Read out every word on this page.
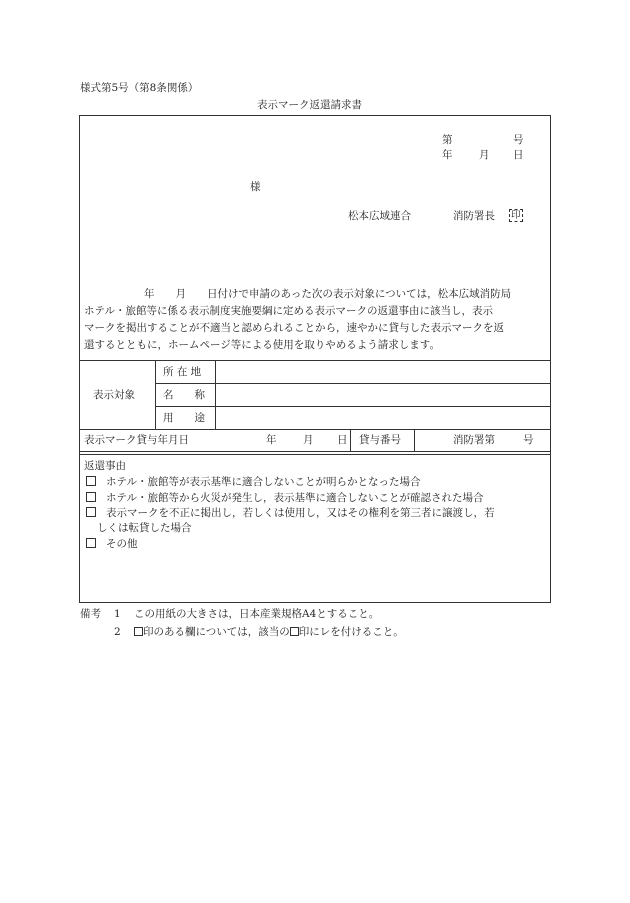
様式第5号（第8条関係）
表示マーク返還請求書
第	号
年	月 日
様
松本広域連合	消防署長 印
年　　月　　日付けで申請のあった次の表示対象については，松本広域消防局
ホテル・旅館等に係る表示制度実施要綱に定める表示マークの返還事由に該当し，表示
マークを掲出することが不適当と認められることから，速やかに貸与した表示マークを返
還するとともに，ホームページ等による使用を取りやめるよう請求します。
表示対象
所 在 地
名　　称
用　　途
表示マーク貸与年月日	年	月 日 貸与番号	消防署第	号
返還事由
ホテル・旅館等が表示基準に適合しないことが明らかとなった場合
ホテル・旅館等から火災が発生し，表示基準に適合しないことが確認された場合
表示マークを不正に掲出し，若しくは使用し，又はその権利を第三者に譲渡し，若
しくは転貸した場合
その他
備考 1 この用紙の大きさは，日本産業規格A4とすること。
2	印のある欄については，該当の 印にレを付けること。
